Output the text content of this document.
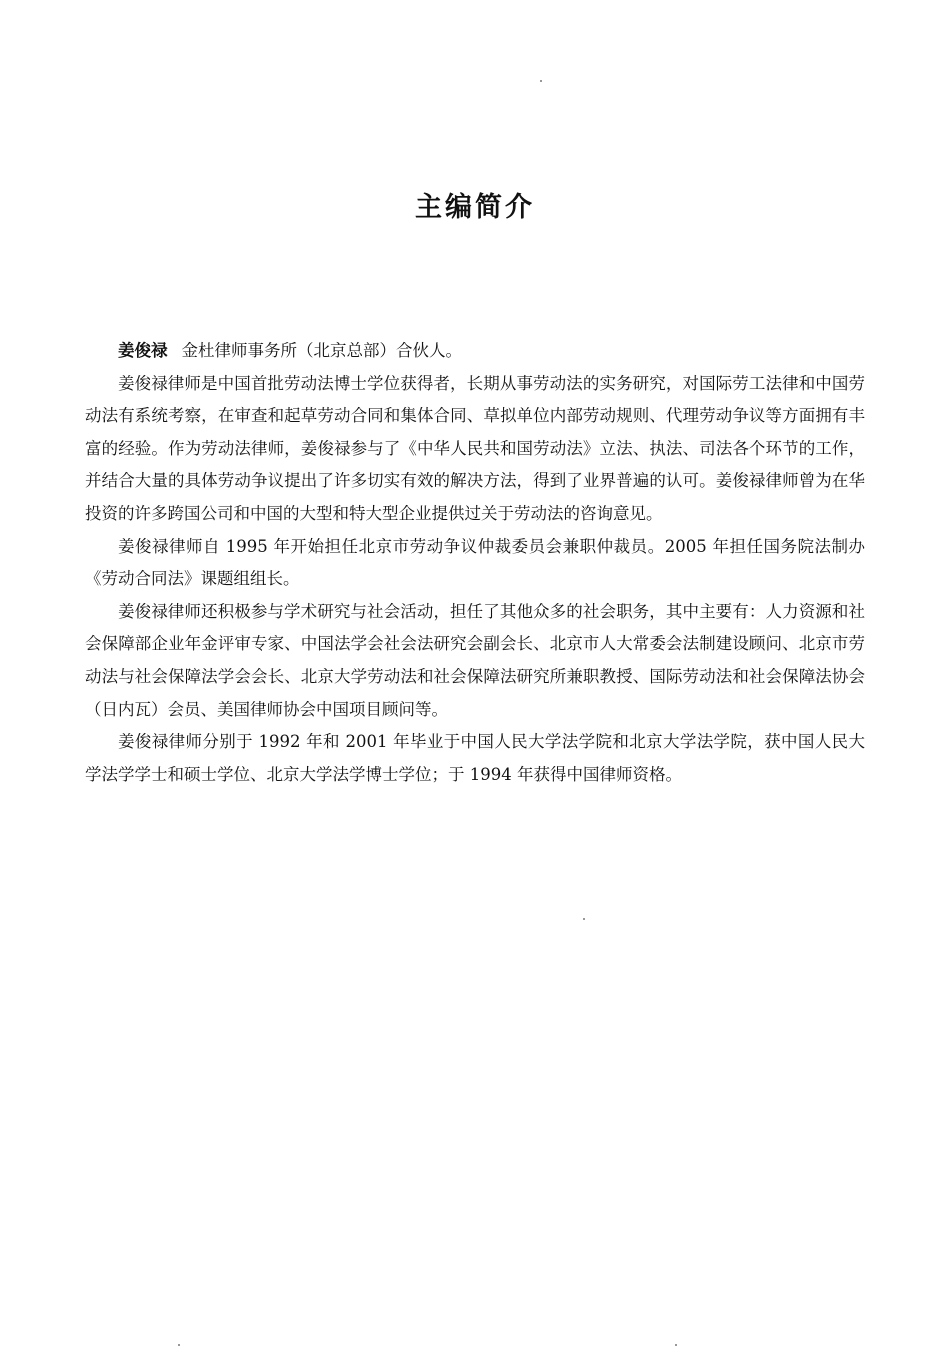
主编简介

姜俊禄 金杜律师事务所（北京总部）合伙人。

姜俊禄律师是中国首批劳动法博士学位获得者，长期从事劳动法的实务研究，对国际劳工法律和中国劳动法有系统考察，在审查和起草劳动合同和集体合同、草拟单位内部劳动规则、代理劳动争议等方面拥有丰富的经验。作为劳动法律师，姜俊禄参与了《中华人民共和国劳动法》立法、执法、司法各个环节的工作，并结合大量的具体劳动争议提出了许多切实有效的解决方法，得到了业界普遍的认可。姜俊禄律师曾为在华投资的许多跨国公司和中国的大型和特大型企业提供过关于劳动法的咨询意见。

姜俊禄律师自 1995 年开始担任北京市劳动争议仲裁委员会兼职仲裁员。2005 年担任国务院法制办《劳动合同法》课题组组长。

姜俊禄律师还积极参与学术研究与社会活动，担任了其他众多的社会职务，其中主要有：人力资源和社会保障部企业年金评审专家、中国法学会社会法研究会副会长、北京市人大常委会法制建设顾问、北京市劳动法与社会保障法学会会长、北京大学劳动法和社会保障法研究所兼职教授、国际劳动法和社会保障法协会（日内瓦）会员、美国律师协会中国项目顾问等。

姜俊禄律师分别于 1992 年和 2001 年毕业于中国人民大学法学院和北京大学法学院，获中国人民大学法学学士和硕士学位、北京大学法学博士学位；于 1994 年获得中国律师资格。
